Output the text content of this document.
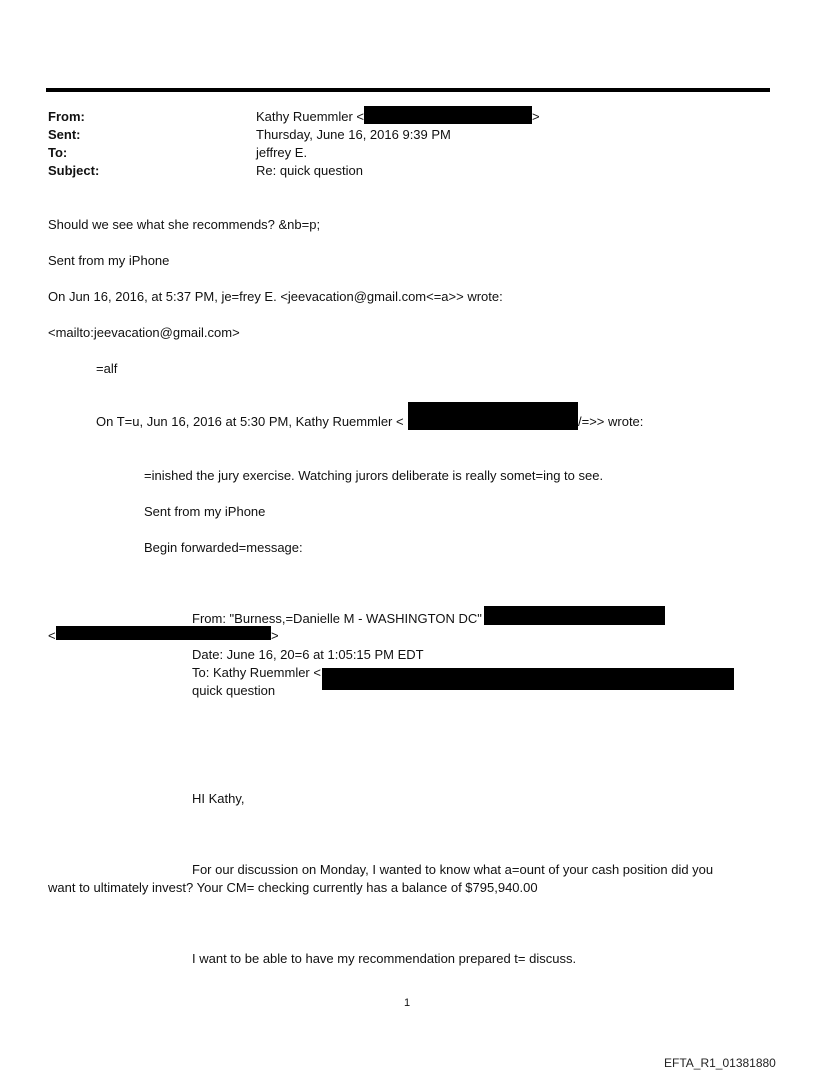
From:	Kathy Ruemmler <	>
Sent:	Thursday, June 16, 2016 9:39 PM
To:	jeffrey E.
Subject:	Re: quick question
Should we see what she recommends? &nb=p;
Sent from my iPhone
On Jun 16, 2016, at 5:37 PM, je=frey E. <jeevacation@gmail.com<=a>> wrote:
<mailto:jeevacation@gmail.com>
=alf
On T=u, Jun 16, 2016 at 5:30 PM, Kathy Ruemmler <	/=>> wrote:
=inished the jury exercise. Watching jurors deliberate is really somet=ing to see.
Sent from my iPhone
Begin forwarded=message:
From: "Burness,=Danielle M - WASHINGTON DC"
<	>
Date: June 16, 20=6 at 1:05:15 PM EDT
To: Kathy Ruemmler <
quick question
HI Kathy,
For our discussion on Monday, I wanted to know what a=ount of your cash position did you
want to ultimately invest? Your CM= checking currently has a balance of $795,940.00
I want to be able to have my recommendation prepared t= discuss.
1
EFTA_R1_01381880
